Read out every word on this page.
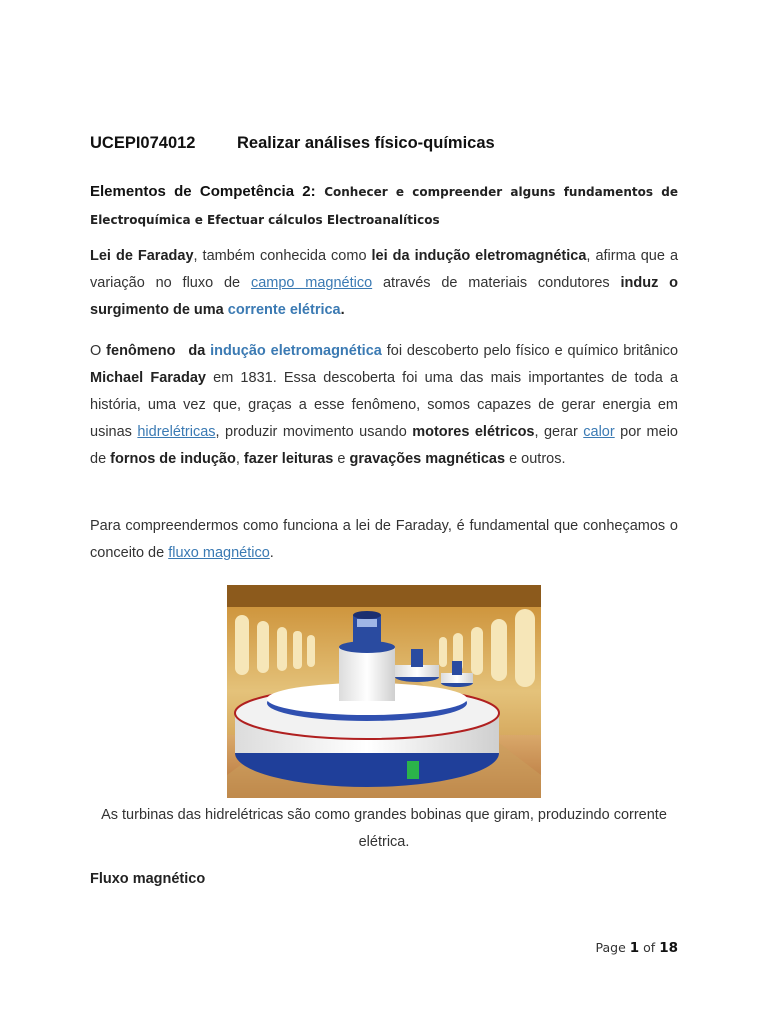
UCEPI074012	Realizar análises físico-químicas
Elementos de Competência 2: Conhecer e compreender alguns fundamentos de Electroquímica e Efectuar cálculos Electroanalíticos

Lei de Faraday, também conhecida como lei da indução eletromagnética, afirma que a variação no fluxo de campo magnético através de materiais condutores induz o surgimento de uma corrente elétrica.

O fenômeno da indução eletromagnética foi descoberto pelo físico e químico britânico Michael Faraday em 1831. Essa descoberta foi uma das mais importantes de toda a história, uma vez que, graças a esse fenômeno, somos capazes de gerar energia em usinas hidrelétricas, produzir movimento usando motores elétricos, gerar calor por meio de fornos de indução, fazer leituras e gravações magnéticas e outros.

Para compreendermos como funciona a lei de Faraday, é fundamental que conheçamos o conceito de fluxo magnético.

As turbinas das hidrelétricas são como grandes bobinas que giram, produzindo corrente elétrica.
Fluxo magnético
Page 1 of 18
